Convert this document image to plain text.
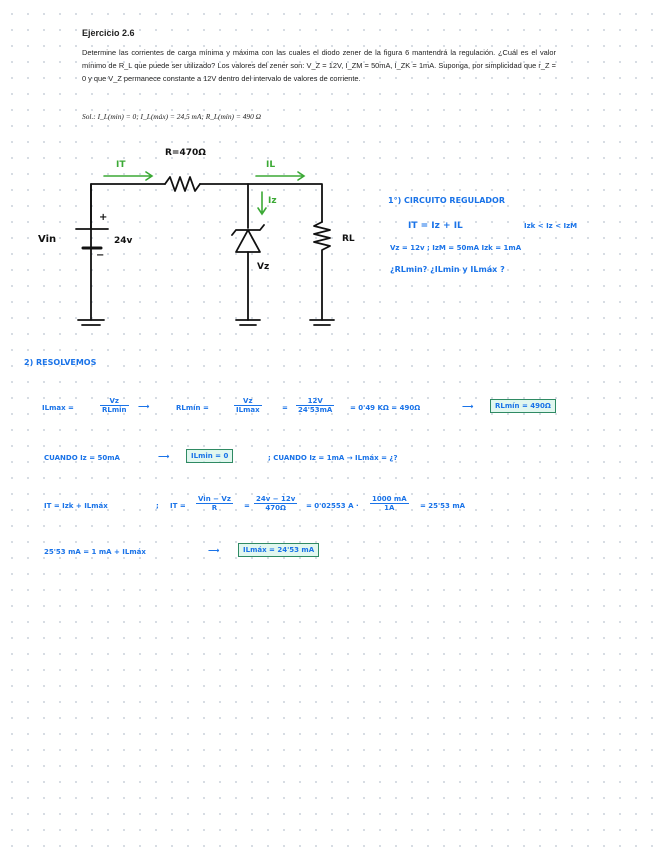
Ejercicio 2.6
Determine las corrientes de carga mínima y máxima con las cuales el diodo zener de la figura 6 mantendrá la regulación. ¿Cuál es el valor mínimo de R_L que puede ser utilizado? Los valores del zener son: V_Z = 12V, I_ZM = 50mA, I_ZK = 1mA. Suponga, por simplicidad que r_Z = 0 y que V_Z permanece constante a 12V dentro del intervalo de valores de corriente.
Sol.: I_L(min) = 0; I_L(máx) = 24,5 mA; R_L(mín) = 490 Ω
R=470Ω
IT	IL
Iz
Vin	24v
+
−
Vz
RL
1°) CIRCUITO REGULADOR
IT = Iz + IL	Izk < Iz < IzM
Vz = 12v ; IzM = 50mA Izk = 1mA
¿RLmin? ¿ILmin y ILmáx ?
2) RESOLVEMOS
ILmax =
Vz
RLmin ⟶	RLmín =
Vz
ILmax	= $\frac{12V}{24'53mA} = 0'49$ KΩ = 490Ω	⟶	RLmín = 490Ω
CUANDO Iz = 50mA	⟶	ILmin = 0	; CUANDO Iz = 1mA → ILmáx = ¿?
IT = Izk + ILmáx	; IT =
Vin − Vz
R	= $\frac{24v - 12v}{470\Omega} = 0'02553$ $A \cdot \frac{1000 mA}{1A} = 25'53$ mA
25'53 mA = 1 mA + ILmáx	⟶	ILmáx = 24'53 mA
